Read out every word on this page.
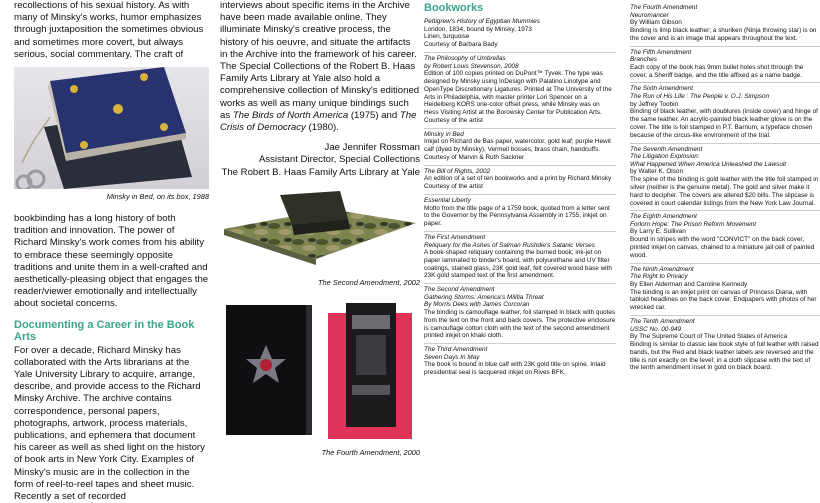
recollections of his sexual history. As with many of Minsky's works, humor emphasizes through juxtaposition the sometimes obvious and sometimes more covert, but always serious, social commentary. The craft of

Minsky in Bed, on its box, 1988

bookbinding has a long history of both tradition and innovation. The power of Richard Minsky's work comes from his ability to embrace these seemingly opposite traditions and unite them in a well-crafted and aesthetically-pleasing object that engages the reader/viewer emotionally and intellectually about societal concerns.

Documenting a Career in the Book Arts

For over a decade, Richard Minsky has collaborated with the Arts librarians at the Yale University Library to acquire, arrange, describe, and provide access to the Richard Minsky Archive. The archive contains correspondence, personal papers, photographs, artwork, process materials, publications, and ephemera that document his career as well as shed light on the history of book arts in New York City. Examples of Minsky's music are in the collection in the form of reel-to-reel tapes and sheet music. Recently a set of recorded

interviews about specific items in the Archive have been made available online. They illuminate Minsky's creative process, the history of his oeuvre, and situate the artifacts in the Archive into the framework of his career. The Special Collections of the Robert B. Haas Family Arts Library at Yale also hold a comprehensive collection of Minsky's editioned works as well as many unique bindings such as The Birds of North America (1975) and The Crisis of Democracy (1980).

Jae Jennifer Rossman

Assistant Director, Special Collections

The Robert B. Haas Family Arts Library at Yale

The Second Amendment, 2002

The Fourth Amendment, 2000

Bookworks

Pettigrew's History of Egyptian Mummies

London, 1834, bound by Minsky, 1973
Linen, turquoise
Courtesy of Barbara Bady

The Philosophy of Umbrellas
by Robert Louis Stevenson, 2008

Edition of 100 copies printed on DuPont™ Tyvek. The type was designed by Minsky using InDesign with Palatino Linotype and OpenType Discretionary Ligatures. Printed at The University of the Arts in Philadelphia, with master printer Lori Spencer on a Heidelberg KORS one-color offset press, while Minsky was on Hess Visiting Artist at the Borowsky Center for Publication Arts.
Courtesy of the artist

Minsky in Bed

Inkjet on Richard de Bas paper, watercolor, gold leaf; purple Hewit calf (dyed by Minsky), Vermeil bosses, brass chain, handcuffs.
Courtesy of Marvin & Ruth Sackner

The Bill of Rights, 2002

An edition of a set of ten bookworks and a print by Richard Minsky
Courtesy of the artist

Essential Liberty

Motto from the title page of a 1759 book, quoted from a letter sent to the Governor by the Pennsylvania Assembly in 1755, inkjet on paper.

The First Amendment
Reliquary for the Ashes of Salman Rushdie's Satanic Verses

A book-shaped reliquary containing the burned book; ink-jet on paper laminated to binder's board, with polyurethane and UV filter coatings, stained glass, 23K gold leaf, felt covered wood base with 23K gold stamped text of the first amendment.

The Second Amendment
Gathering Storms: America's Militia Threat
By Morris Dees with James Corcoran

The binding is camouflage leather, foil stamped in black with quotes from the text on the front and back covers. The protective enclosure is camouflage cotton cloth with the text of the second amendment printed inkjet on khaki cloth.

The Third Amendment
Seven Days In May

The book is bound in blue calf with 23K gold title on spine. Inlaid presidential seal is lacquered inkjet on Rives BFK.

The Fourth Amendment
Neuromancer

By William Gibson
Binding is limp black leather; a shuriken (Ninja throwing star) is on the cover and is an image that appears throughout the text.

The Fifth Amendment
Branches

Each copy of the book has 9mm bullet holes shot through the cover, a Sheriff badge, and the title affixed as a name badge.

The Sixth Amendment
The Run of His Life : The People v. O.J. Simpson

by Jeffrey Toobin
Binding of black leather, with doublures (inside cover) and hinge of the same leather. An acrylic-painted black leather glove is on the cover. The title is foil stamped in P.T. Barnum, a typeface chosen because of the circus-like environment of the trial.

The Seventh Amendment
The Litigation Explosion:
What Happened When America Unleashed the Lawsuit

by Walter K. Olson
The spine of the binding is gold leather with the title foil stamped in silver (neither is the genuine metal). The gold and silver make it hard to decipher. The covers are altered $20 bills. The slipcase is covered in court calendar listings from the New York Law Journal.

The Eighth Amendment
Forlorn Hope: The Prison Reform Movement

By Larry E. Sullivan
Bound in stripes with the word "CONVICT" on the back cover, printed inkjet on canvas, chained to a miniature jail cell of painted wood.

The Ninth Amendment
The Right to Privacy

By Ellen Alderman and Caroline Kennedy
The binding is an inkjet print on canvas of Princess Diana, with tabloid headlines on the back cover. Endpapers with photos of her wrecked car.

The Tenth Amendment
USSC No. 00-949

By The Supreme Court of The United States of America
Binding is similar to classic law book style of full leather with raised bands, but the Red and black leather labels are reversed and the title is not exactly on the level; in a cloth slipcase with the text of the tenth amendment inset in gold on black board.
